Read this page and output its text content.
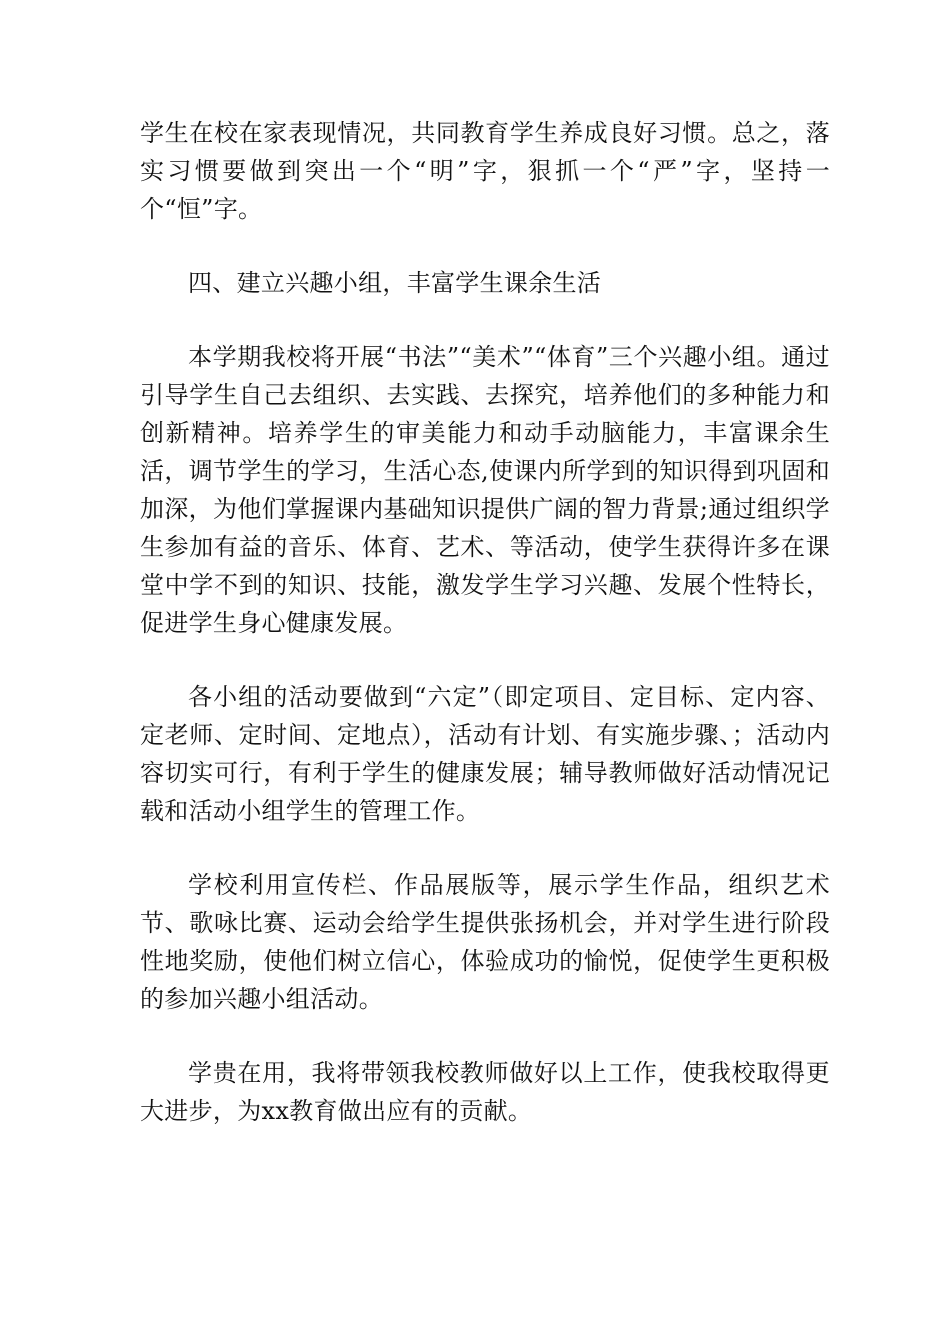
学生在校在家表现情况，共同教育学生养成良好习惯。总之，落实习惯要做到突出一个“明”字，狠抓一个“严”字，坚持一个“恒”字。

四、建立兴趣小组，丰富学生课余生活

本学期我校将开展“书法”“美术”“体育”三个兴趣小组。通过引导学生自己去组织、去实践、去探究，培养他们的多种能力和创新精神。培养学生的审美能力和动手动脑能力，丰富课余生活，调节学生的学习，生活心态,使课内所学到的知识得到巩固和加深，为他们掌握课内基础知识提供广阔的智力背景;通过组织学生参加有益的音乐、体育、艺术、等活动，使学生获得许多在课堂中学不到的知识、技能，激发学生学习兴趣、发展个性特长，促进学生身心健康发展。

各小组的活动要做到“六定”（即定项目、定目标、定内容、定老师、定时间、定地点），活动有计划、有实施步骤、；活动内容切实可行，有利于学生的健康发展；辅导教师做好活动情况记载和活动小组学生的管理工作。

学校利用宣传栏、作品展版等，展示学生作品，组织艺术节、歌咏比赛、运动会给学生提供张扬机会，并对学生进行阶段性地奖励，使他们树立信心，体验成功的愉悦，促使学生更积极的参加兴趣小组活动。

学贵在用，我将带领我校教师做好以上工作，使我校取得更大进步，为xx教育做出应有的贡献。
